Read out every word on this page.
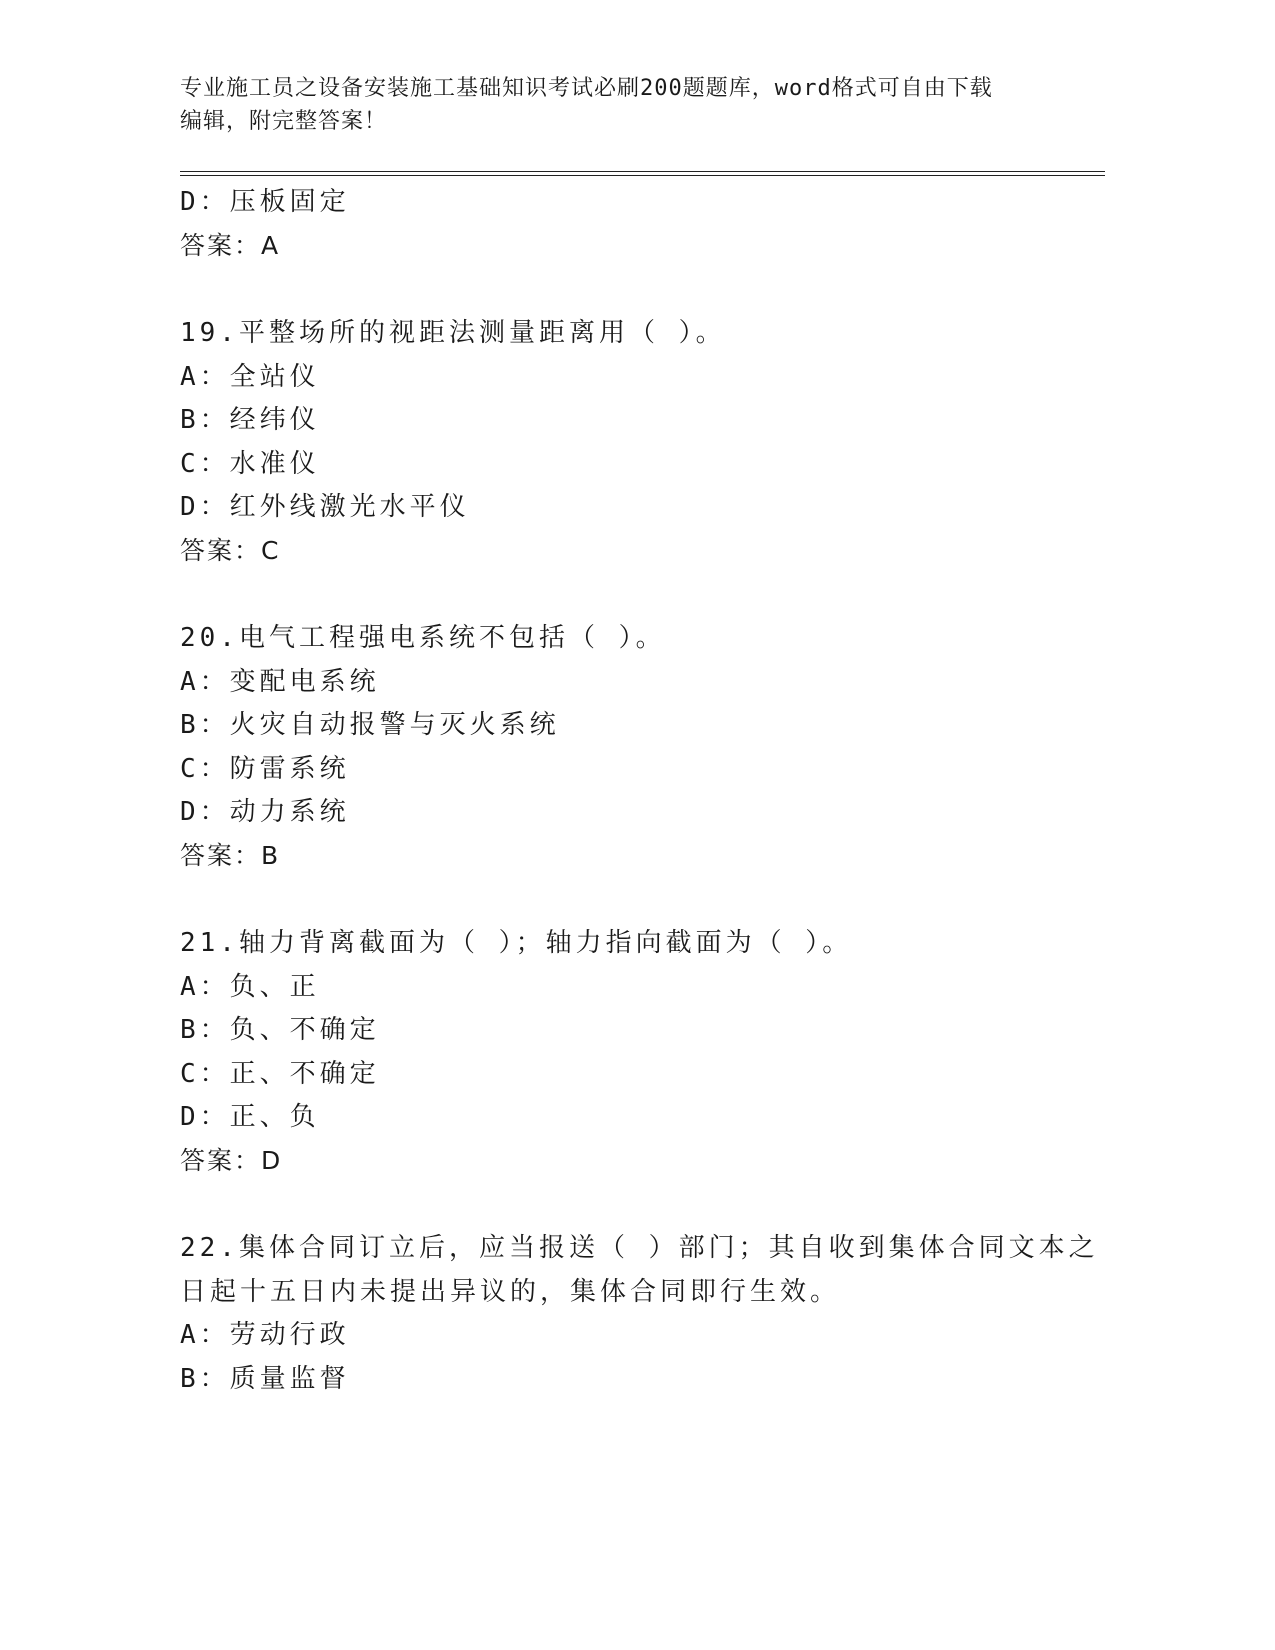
专业施工员之设备安装施工基础知识考试必刷200题题库，word格式可自由下载
编辑，附完整答案！
D：压板固定
答案：A
19.平整场所的视距法测量距离用（ ）。
A：全站仪
B：经纬仪
C：水准仪
D：红外线激光水平仪
答案：C
20.电气工程强电系统不包括（ ）。
A：变配电系统
B：火灾自动报警与灭火系统
C：防雷系统
D：动力系统
答案：B
21.轴力背离截面为（ ）；轴力指向截面为（ ）。
A：负、正
B：负、不确定
C：正、不确定
D：正、负
答案：D
22.集体合同订立后，应当报送（ ）部门；其自收到集体合同文本之
日起十五日内未提出异议的，集体合同即行生效。
A：劳动行政
B：质量监督
